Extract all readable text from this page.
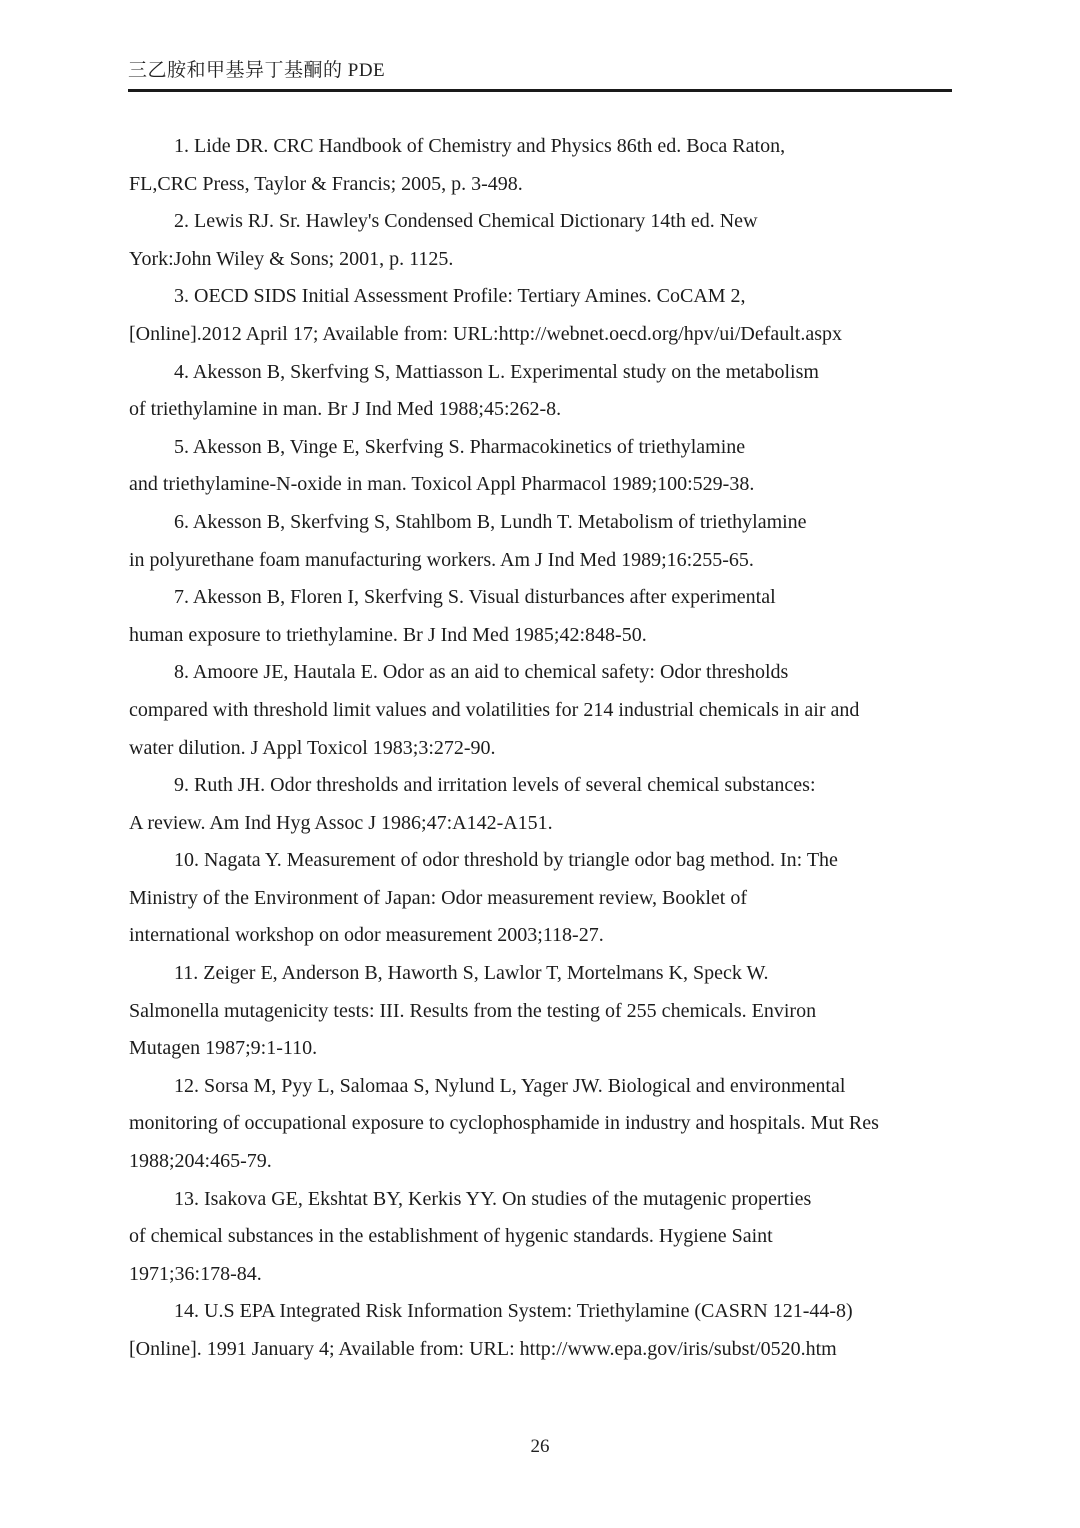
三乙胺和甲基异丁基酮的 PDE
1. Lide DR. CRC Handbook of Chemistry and Physics 86th ed. Boca Raton,
FL,CRC Press, Taylor & Francis; 2005, p. 3-498.
2. Lewis RJ. Sr. Hawley's Condensed Chemical Dictionary 14th ed. New
York:John Wiley & Sons; 2001, p. 1125.
3. OECD SIDS Initial Assessment Profile: Tertiary Amines. CoCAM 2,
[Online].2012 April 17; Available from: URL:http://webnet.oecd.org/hpv/ui/Default.aspx
4. Akesson B, Skerfving S, Mattiasson L. Experimental study on the metabolism
of triethylamine in man. Br J Ind Med 1988;45:262-8.
5. Akesson B, Vinge E, Skerfving S. Pharmacokinetics of triethylamine
and triethylamine-N-oxide in man. Toxicol Appl Pharmacol 1989;100:529-38.
6. Akesson B, Skerfving S, Stahlbom B, Lundh T. Metabolism of triethylamine
in polyurethane foam manufacturing workers. Am J Ind Med 1989;16:255-65.
7. Akesson B, Floren I, Skerfving S. Visual disturbances after experimental
human exposure to triethylamine. Br J Ind Med 1985;42:848-50.
8. Amoore JE, Hautala E. Odor as an aid to chemical safety: Odor thresholds
compared with threshold limit values and volatilities for 214 industrial chemicals in air and
water dilution. J Appl Toxicol 1983;3:272-90.
9. Ruth JH. Odor thresholds and irritation levels of several chemical substances:
A review. Am Ind Hyg Assoc J 1986;47:A142-A151.
10. Nagata Y. Measurement of odor threshold by triangle odor bag method. In: The
Ministry of the Environment of Japan: Odor measurement review, Booklet of
international workshop on odor measurement 2003;118-27.
11. Zeiger E, Anderson B, Haworth S, Lawlor T, Mortelmans K, Speck W.
Salmonella mutagenicity tests: III. Results from the testing of 255 chemicals. Environ
Mutagen 1987;9:1-110.
12. Sorsa M, Pyy L, Salomaa S, Nylund L, Yager JW. Biological and environmental
monitoring of occupational exposure to cyclophosphamide in industry and hospitals. Mut Res
1988;204:465-79.
13. Isakova GE, Ekshtat BY, Kerkis YY. On studies of the mutagenic properties
of chemical substances in the establishment of hygenic standards. Hygiene Saint
1971;36:178-84.
14. U.S EPA Integrated Risk Information System: Triethylamine (CASRN 121-44-8)
[Online]. 1991 January 4; Available from: URL: http://www.epa.gov/iris/subst/0520.htm
26
